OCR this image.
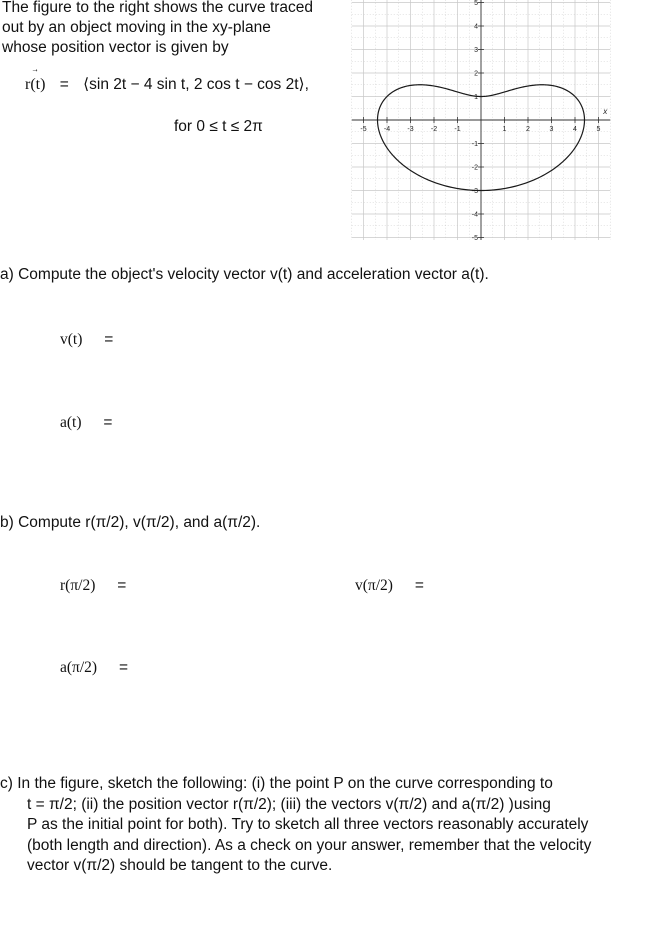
The figure to the right shows the curve traced
out by an object moving in the xy-plane
whose position vector is given by
→ r(t) = ⟨sin 2t − 4 sin t, 2 cos t − cos 2t⟩,
for 0 ≤ t ≤ 2π	-5 -4 -3 -2 -1	1	2	3	4	5
5
4
3
2
1
-1
-2
-3
-4
-5
x
a) Compute the object's velocity vector v(t) and acceleration vector a(t).
v(t) =
a(t) =
b) Compute r(π/2), v(π/2), and a(π/2).
r(π/2) =	v(π/2) =
a(π/2) =
c) In the figure, sketch the following: (i) the point P on the curve corresponding to
t = π/2; (ii) the position vector r(π/2); (iii) the vectors v(π/2) and a(π/2) )using
P as the initial point for both). Try to sketch all three vectors reasonably accurately
(both length and direction). As a check on your answer, remember that the velocity
vector v(π/2) should be tangent to the curve.
